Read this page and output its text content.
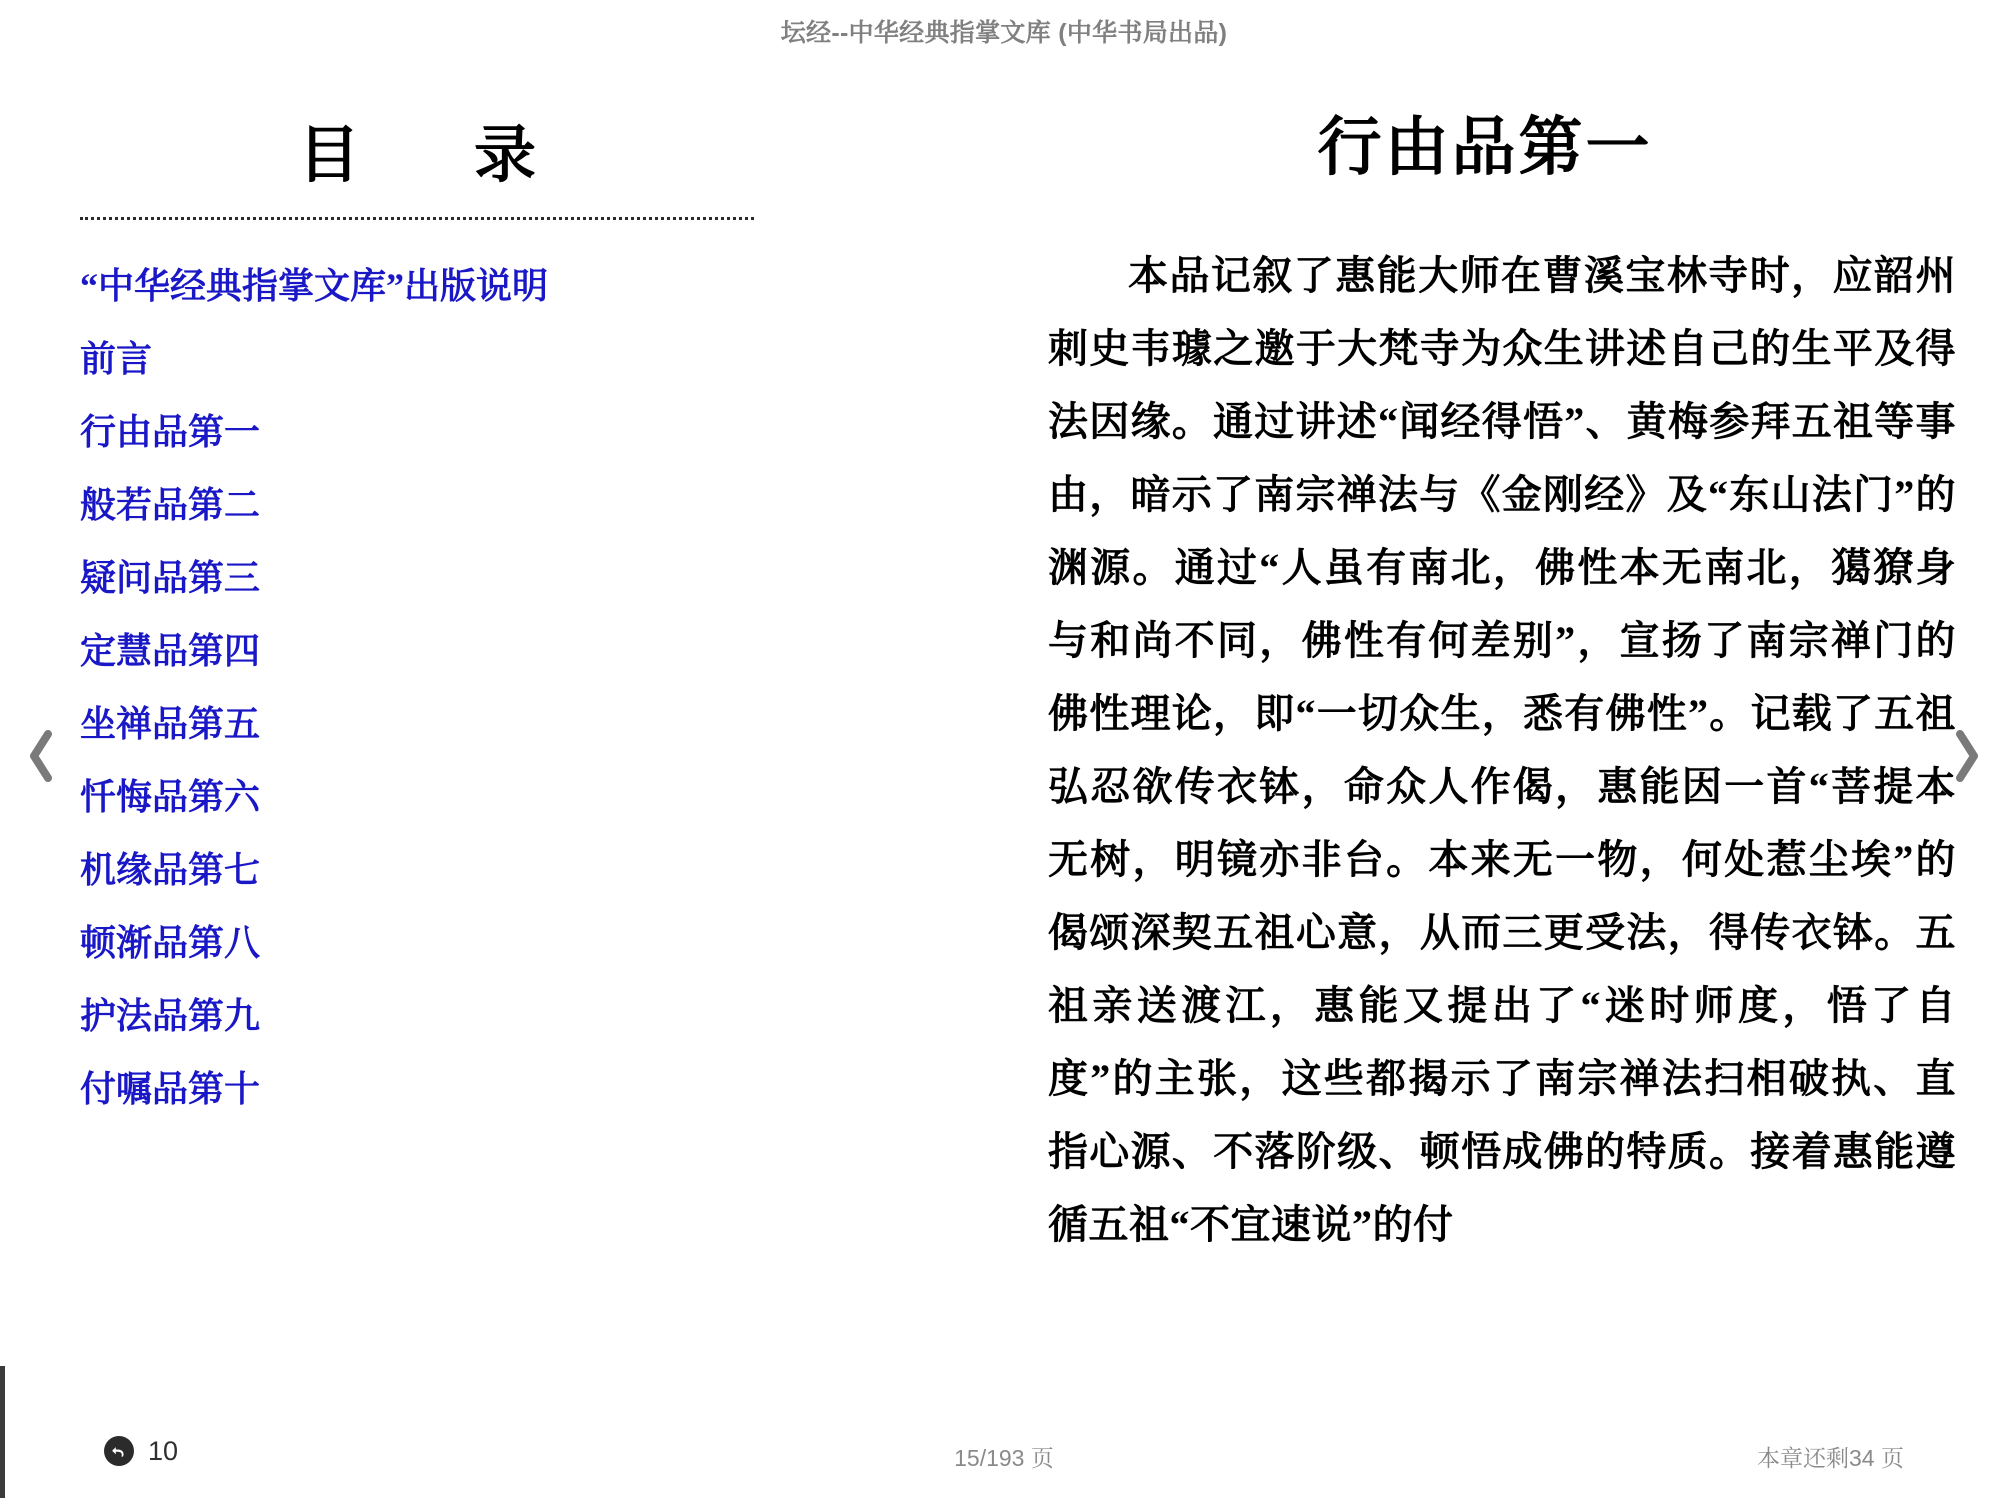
坛经--中华经典指掌文库 (中华书局出品)
目　录
“中华经典指掌文库”出版说明
前言
行由品第一
般若品第二
疑问品第三
定慧品第四
坐禅品第五
忏悔品第六
机缘品第七
顿渐品第八
护法品第九
付嘱品第十
行由品第一
本品记叙了惠能大师在曹溪宝林寺时，应韶州刺史韦璩之邀于大梵寺为众生讲述自己的生平及得法因缘。通过讲述“闻经得悟”、黄梅参拜五祖等事由，暗示了南宗禅法与《金刚经》及“东山法门”的渊源。通过“人虽有南北，佛性本无南北，獦獠身与和尚不同，佛性有何差别”，宣扬了南宗禅门的佛性理论，即“一切众生，悉有佛性”。记载了五祖弘忍欲传衣钵，命众人作偈，惠能因一首“菩提本无树，明镜亦非台。本来无一物，何处惹尘埃”的偈颂深契五祖心意，从而三更受法，得传衣钵。五祖亲送渡江，惠能又提出了“迷时师度，悟了自度”的主张，这些都揭示了南宗禅法扫相破执、直指心源、不落阶级、顿悟成佛的特质。接着惠能遵循五祖“不宜速说”的付
10	15/193 页	本章还剩34 页
